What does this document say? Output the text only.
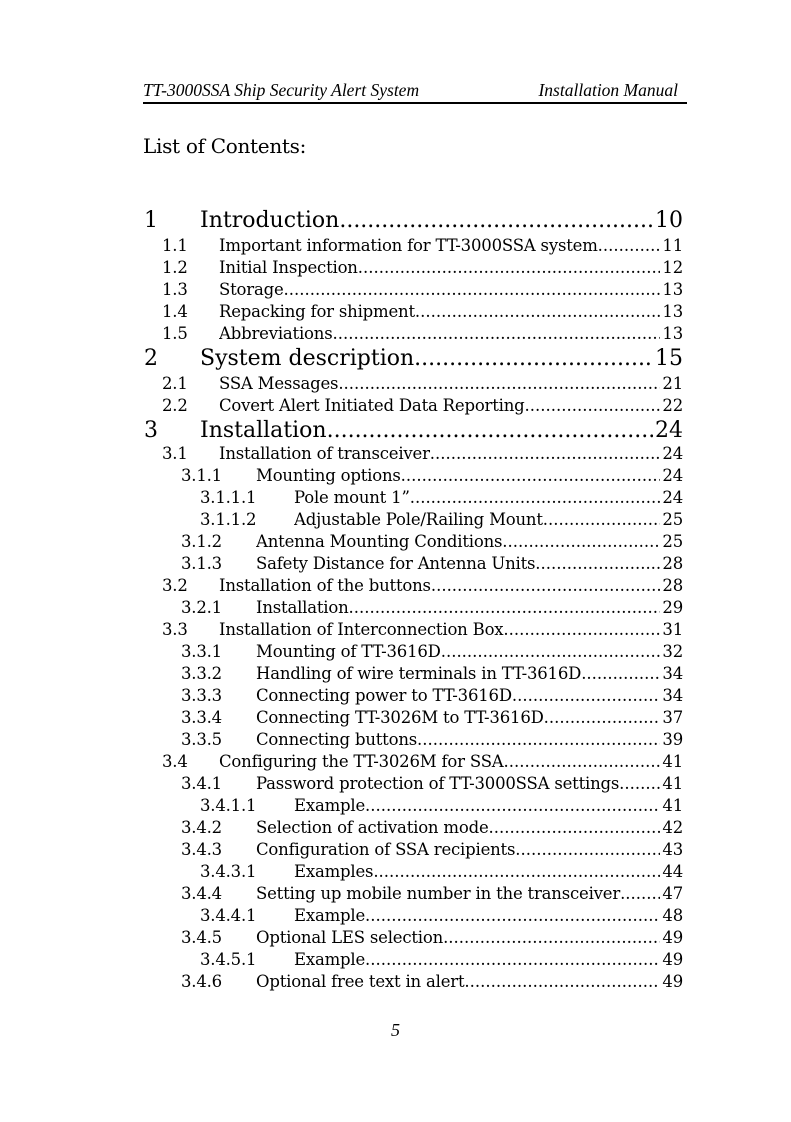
TT-3000SSA Ship Security Alert System	Installation Manual
List of Contents:
1 Introduction .....	10
1.1 Important information for TT-3000SSA system .....	11
1.2 Initial Inspection .....	12
1.3 Storage .....	13
1.4 Repacking for shipment .....	13
1.5 Abbreviations .....	13
2 System description .....	15
2.1 SSA Messages .....	21
2.2 Covert Alert Initiated Data Reporting .....	22
3 Installation .....	24
3.1 Installation of transceiver .....	24
3.1.1 Mounting options .....	24
3.1.1.1 Pole mount 1” .....	24
3.1.1.2 Adjustable Pole/Railing Mount .....	25
3.1.2 Antenna Mounting Conditions .....	25
3.1.3 Safety Distance for Antenna Units .....	28
3.2 Installation of the buttons .....	28
3.2.1 Installation .....	29
3.3 Installation of Interconnection Box .....	31
3.3.1 Mounting of TT-3616D .....	32
3.3.2 Handling of wire terminals in TT-3616D .....	34
3.3.3 Connecting power to TT-3616D .....	34
3.3.4 Connecting TT-3026M to TT-3616D .....	37
3.3.5 Connecting buttons .....	39
3.4 Configuring the TT-3026M for SSA .....	41
3.4.1 Password protection of TT-3000SSA settings .....	41
3.4.1.1 Example .....	41
3.4.2 Selection of activation mode .....	42
3.4.3 Configuration of SSA recipients .....	43
3.4.3.1 Examples .....	44
3.4.4 Setting up mobile number in the transceiver .....	47
3.4.4.1 Example .....	48
3.4.5 Optional LES selection .....	49
3.4.5.1 Example .....	49
3.4.6 Optional free text in alert .....	49
5
